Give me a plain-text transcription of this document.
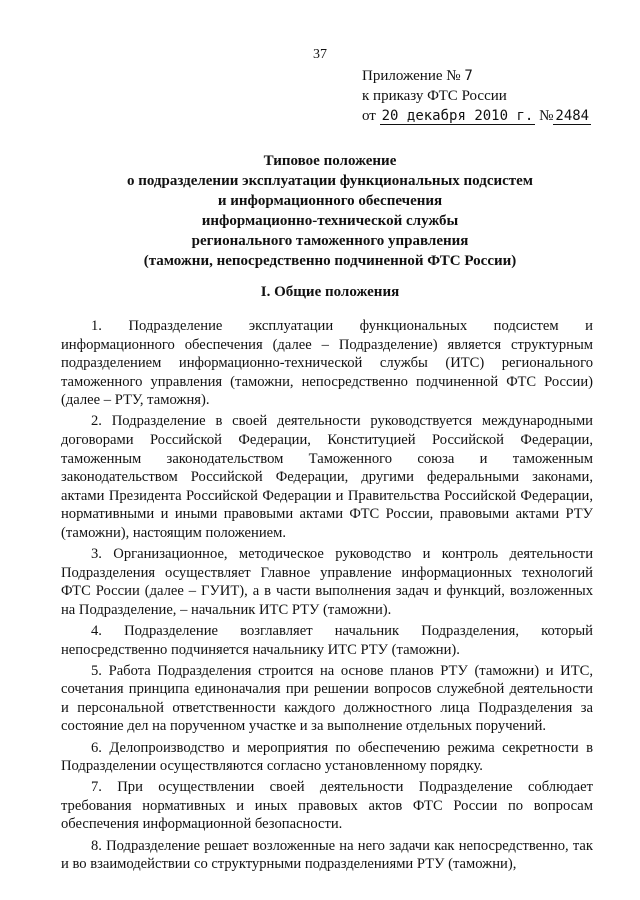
37
Приложение № 7
к приказу ФТС России
от 20 декабря 2010 г. № 2484
Типовое положение
о подразделении эксплуатации функциональных подсистем
и информационного обеспечения
информационно-технической службы
регионального таможенного управления
(таможни, непосредственно подчиненной ФТС России)
I. Общие положения

1. Подразделение эксплуатации функциональных подсистем и информационного обеспечения (далее – Подразделение) является структурным подразделением информационно-технической службы (ИТС) регионального таможенного управления (таможни, непосредственно подчиненной ФТС России) (далее – РТУ, таможня).

2. Подразделение в своей деятельности руководствуется международными договорами Российской Федерации, Конституцией Российской Федерации, таможенным законодательством Таможенного союза и таможенным законодательством Российской Федерации, другими федеральными законами, актами Президента Российской Федерации и Правительства Российской Федерации, нормативными и иными правовыми актами ФТС России, правовыми актами РТУ (таможни), настоящим положением.

3. Организационное, методическое руководство и контроль деятельности Подразделения осуществляет Главное управление информационных технологий ФТС России (далее – ГУИТ), а в части выполнения задач и функций, возложенных на Подразделение, – начальник ИТС РТУ (таможни).

4. Подразделение возглавляет начальник Подразделения, который непосредственно подчиняется начальнику ИТС РТУ (таможни).

5. Работа Подразделения строится на основе планов РТУ (таможни) и ИТС, сочетания принципа единоначалия при решении вопросов служебной деятельности и персональной ответственности каждого должностного лица Подразделения за состояние дел на порученном участке и за выполнение отдельных поручений.

6. Делопроизводство и мероприятия по обеспечению режима секретности в Подразделении осуществляются согласно установленному порядку.

7. При осуществлении своей деятельности Подразделение соблюдает требования нормативных и иных правовых актов ФТС России по вопросам обеспечения информационной безопасности.

8. Подразделение решает возложенные на него задачи как непосредственно, так и во взаимодействии со структурными подразделениями РТУ (таможни),
